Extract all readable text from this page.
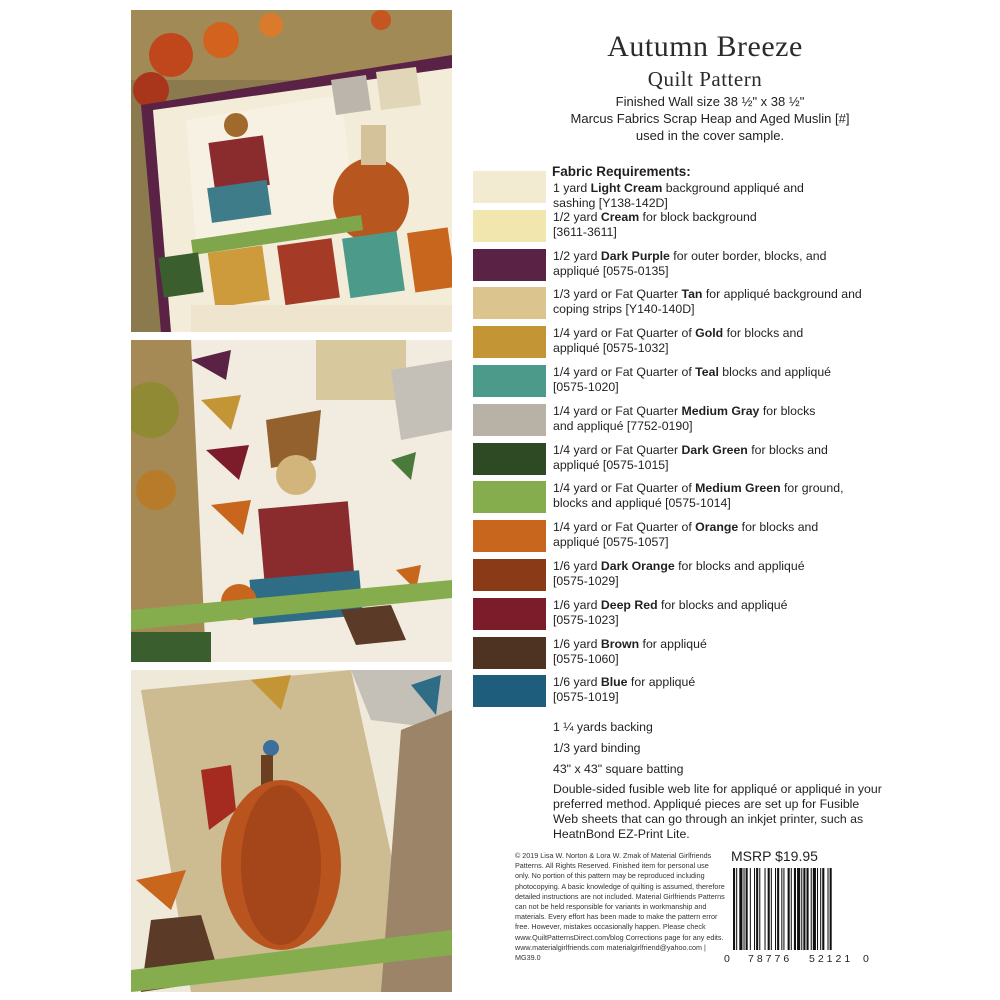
Autumn Breeze
Quilt Pattern
Finished Wall size 38 ½" x 38 ½"
Marcus Fabrics Scrap Heap and Aged Muslin [#]
used in the cover sample.
Fabric Requirements:
1 yard Light Cream background appliqué and
sashing [Y138-142D]
1/2 yard Cream for block background
[3611-3611]
1/2 yard Dark Purple for outer border, blocks, and
appliqué [0575-0135]
1/3 yard or Fat Quarter Tan for appliqué background and
coping strips [Y140-140D]
1/4 yard or Fat Quarter of Gold for blocks and
appliqué [0575-1032]
1/4 yard or Fat Quarter of Teal blocks and appliqué
[0575-1020]
1/4 yard or Fat Quarter Medium Gray for blocks
and appliqué [7752-0190]
1/4 yard or Fat Quarter Dark Green for blocks and
appliqué [0575-1015]
1/4 yard or Fat Quarter of Medium Green for ground,
blocks and appliqué [0575-1014]
1/4 yard or Fat Quarter of Orange for blocks and
appliqué [0575-1057]
1/6 yard Dark Orange for blocks and appliqué
[0575-1029]
1/6 yard Deep Red for blocks and appliqué
[0575-1023]
1/6 yard Brown for appliqué
[0575-1060]
1/6 yard Blue for appliqué
[0575-1019]
1 ¼ yards backing
1/3 yard binding
43" x 43" square batting
Double-sided fusible web lite for appliqué or appliqué in your preferred method. Appliqué pieces are set up for Fusible Web sheets that can go through an inkjet printer, such as HeatnBond EZ-Print Lite.
© 2019 Lisa W. Norton & Lora W. Zmak of Material Girlfriends Patterns. All Rights Reserved. Finished item for personal use only. No portion of this pattern may be reproduced including photocopying. A basic knowledge of quilting is assumed, therefore detailed instructions are not included. Material Girlfriends Patterns can not be held responsible for variants in workmanship and materials. Every effort has been made to make the pattern error free. However, mistakes occasionally happen. Please check www.QuiltPatternsDirect.com/blog Corrections page for any edits. www.materialgirlfriends.com materialgirlfriend@yahoo.com | MG39.0
MSRP $19.95
0 78776 52121 0
